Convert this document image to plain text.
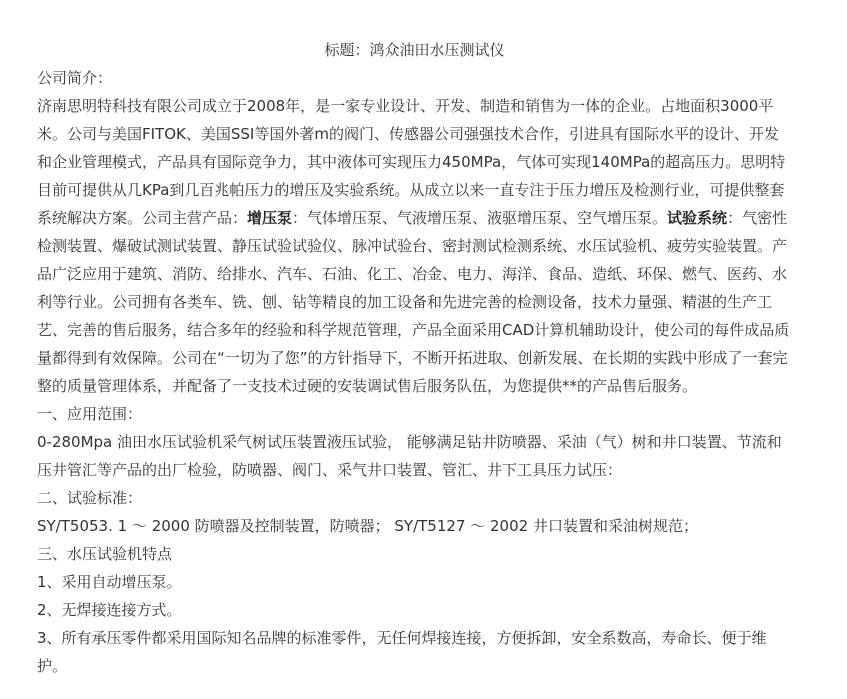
标题：鸿众油田水压测试仪

公司简介：

济南思明特科技有限公司成立于2008年，是一家专业设计、开发、制造和销售为一体的企业。占地面积3000平米。公司与美国FITOK、美国SSI等国外著m的阀门、传感器公司强强技术合作，引进具有国际水平的设计、开发和企业管理模式，产品具有国际竞争力，其中液体可实现压力450MPa，气体可实现140MPa的超高压力。思明特目前可提供从几KPa到几百兆帕压力的增压及实验系统。从成立以来一直专注于压力增压及检测行业，可提供整套系统解决方案。公司主营产品：增压泵：气体增压泵、气液增压泵、液驱增压泵、空气增压泵。试验系统：气密性检测装置、爆破试测试装置、静压试验试验仪、脉冲试验台、密封测试检测系统、水压试验机、疲劳实验装置。产品广泛应用于建筑、消防、给排水、汽车、石油、化工、冶金、电力、海洋、食品、造纸、环保、燃气、医药、水利等行业。公司拥有各类车、铣、刨、钻等精良的加工设备和先进完善的检测设备，技术力量强、精湛的生产工艺、完善的售后服务，结合多年的经验和科学规范管理，产品全面采用CAD计算机辅助设计，使公司的每件成品质量都得到有效保障。公司在“一切为了您”的方针指导下，不断开拓进取、创新发展、在长期的实践中形成了一套完整的质量管理体系，并配备了一支技术过硬的安装调试售后服务队伍，为您提供**的产品售后服务。

一、应用范围：

0-280Mpa 油田水压试验机采气树试压装置液压试验， 能够满足钻井防喷器、采油（气）树和井口装置、节流和压井管汇等产品的出厂检验，防喷器、阀门、采气井口装置、管汇、井下工具压力试压：

二、试验标准：

SY/T5053. 1 ～ 2000 防喷器及控制装置，防喷器； SY/T5127 ～ 2002 井口装置和采油树规范；

三、水压试验机特点

1、采用自动增压泵。

2、无焊接连接方式。

3、所有承压零件都采用国际知名品牌的标准零件，无任何焊接连接，方便拆卸，安全系数高，寿命长、便于维护。
